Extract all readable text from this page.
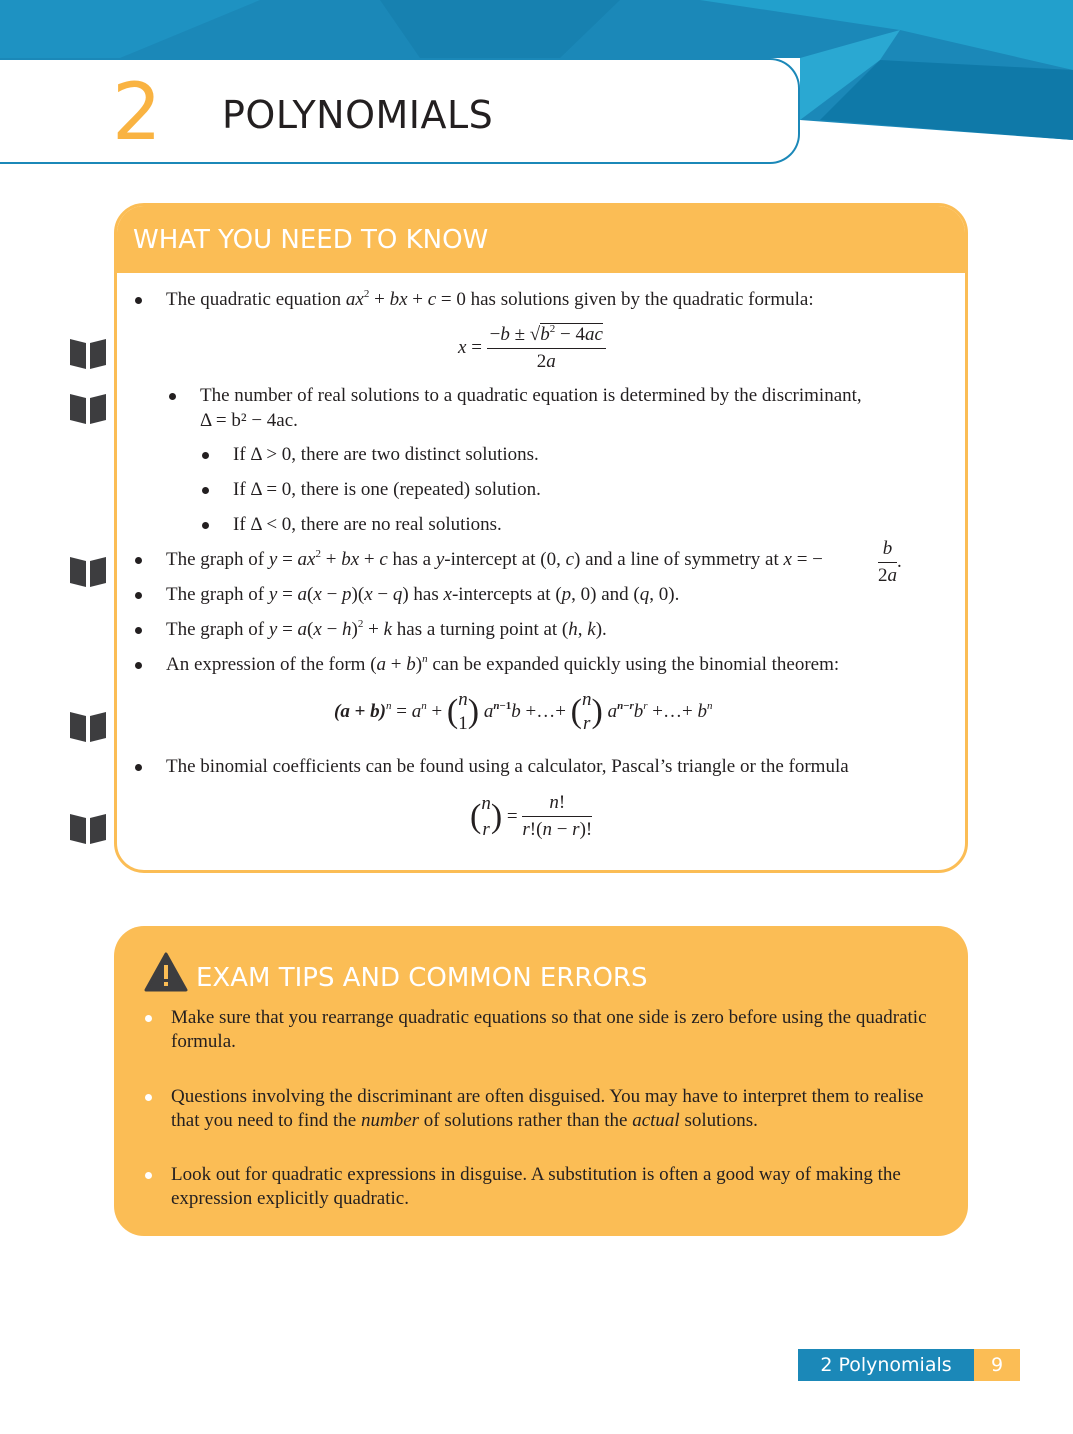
2 POLYNOMIALS
WHAT YOU NEED TO KNOW
The quadratic equation $ax^2$ + bx + c = 0 has solutions given by the quadratic formula:
$x = \frac{-b \pm √b^2 - 4ac}{2a}$
The number of real solutions to a quadratic equation is determined by the discriminant,
Δ = b² − 4ac.
If Δ > 0, there are two distinct solutions.
If Δ = 0, there is one (repeated) solution.
If Δ < 0, there are no real solutions.
The graph of $y = ax^2$ + bx + c has a y-intercept at (0, c) and a line of symmetry at x = −	$\frac{b}{2a}$ .
The graph of y = a(x − p)(x − q) has x-intercepts at (p, 0) and (q, 0).
The graph of $y = a(x - h)^2 + k$ has a turning point at (h, k).
An expression of the form $(a + b)^n$ can be expanded quickly using the binomial theorem:
$(a + b)^n = a^n + (n$
1) $a^{n-1}b$ +…+ (n
r) $a^{n-r}b^r$ +…+ $b^n$
The binomial coefficients can be found using a calculator, Pascal’s triangle or the formula
(n
$r) = \frac{n!}{r!(n - r)!}$
EXAM TIPS AND COMMON ERRORS
Make sure that you rearrange quadratic equations so that one side is zero before using the quadratic formula.
Questions involving the discriminant are often disguised. You may have to interpret them to realise that you need to find the number of solutions rather than the actual solutions.
Look out for quadratic expressions in disguise. A substitution is often a good way of making the expression explicitly quadratic.
2 Polynomials	9
